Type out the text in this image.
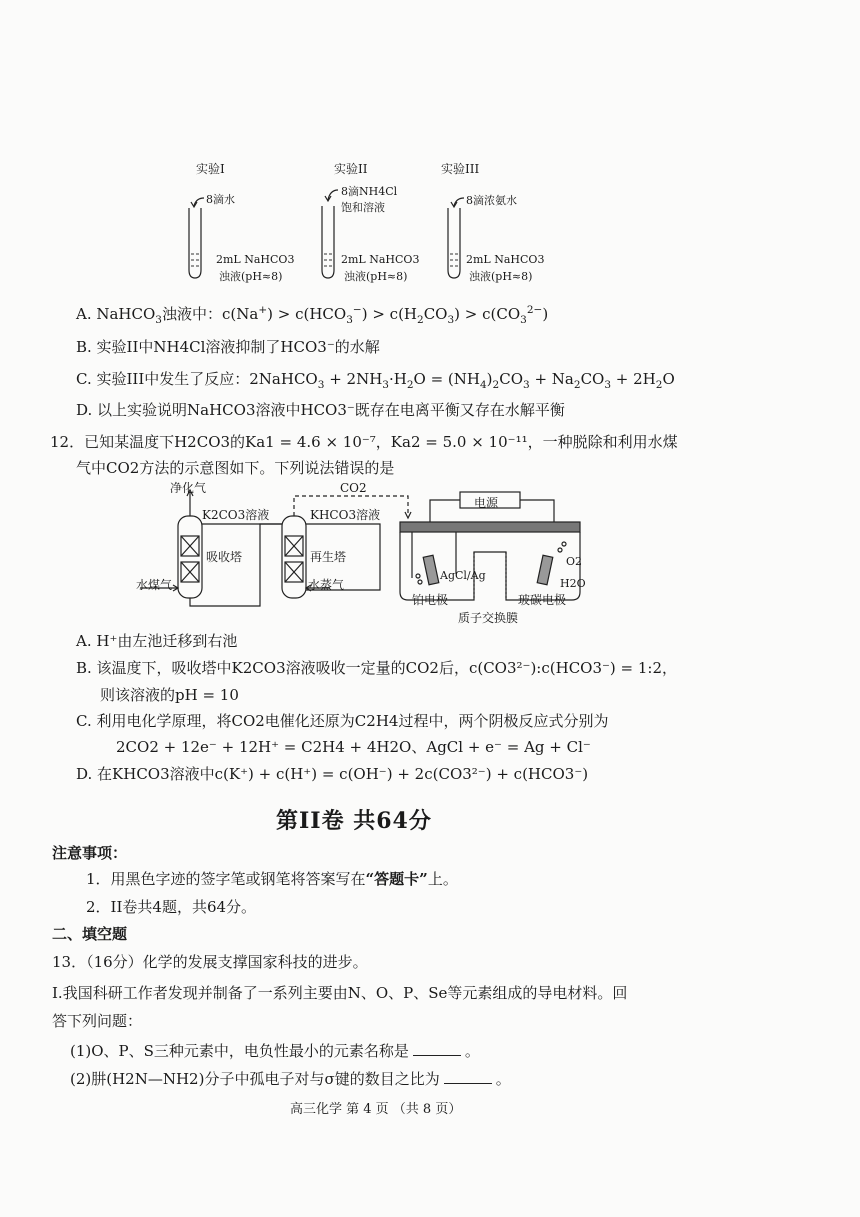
实验I	实验II	实验III
8滴水
8滴NH4Cl
饱和溶液
8滴浓氨水
2mL NaHCO3
浊液(pH≈8)
2mL NaHCO3
浊液(pH≈8)
2mL NaHCO3
浊液(pH≈8)
A. NaHCO$_3$浊液中：$c(Na^+) > c(HCO_3^-) > c(H_2CO_3) > c(CO_3^{2-})$
B. 实验II中NH4Cl溶液抑制了HCO3⁻的水解
C. 实验III中发生了反应：2NaHCO$_3$ + $2NH_3\cdot H_2O = (NH_4)_2CO_3 + Na_2CO_3 + 2H_2O$
D. 以上实验说明NaHCO3溶液中HCO3⁻既存在电离平衡又存在水解平衡
12．已知某温度下H2CO3的Ka1 = 4.6 × 10⁻⁷，Ka2 = 5.0 × 10⁻¹¹，一种脱除和利用水煤
气中CO2方法的示意图如下。下列说法错误的是
净化气
K2CO3溶液	KHCO3溶液
CO2
吸收塔	再生塔
水煤气	水蒸气
电源
AgCl/Ag
铂电极	玻碳电极
质子交换膜
O2
H2O
A. H⁺由左池迁移到右池
B. 该温度下，吸收塔中K2CO3溶液吸收一定量的CO2后，c(CO3²⁻):c(HCO3⁻) = 1:2，
则该溶液的pH = 10
C. 利用电化学原理，将CO2电催化还原为C2H4过程中，两个阴极反应式分别为
2CO2 + 12e⁻ + 12H⁺ = C2H4 + 4H2O、AgCl + e⁻ = Ag + Cl⁻
D. 在KHCO3溶液中c(K⁺) + c(H⁺) = c(OH⁻) + 2c(CO3²⁻) + c(HCO3⁻)
第II卷 共64分
注意事项：
1．用黑色字迹的签字笔或钢笔将答案写在“答题卡”上。
2．II卷共4题，共64分。
二、填空题
13．（16分）化学的发展支撑国家科技的进步。
I.我国科研工作者发现并制备了一系列主要由N、O、P、Se等元素组成的导电材料。回
答下列问题：
(1)O、P、S三种元素中，电负性最小的元素名称是	。
(2)肼(H2N—NH2)分子中孤电子对与σ键的数目之比为	。
高三化学 第 4 页 （共 8 页）
